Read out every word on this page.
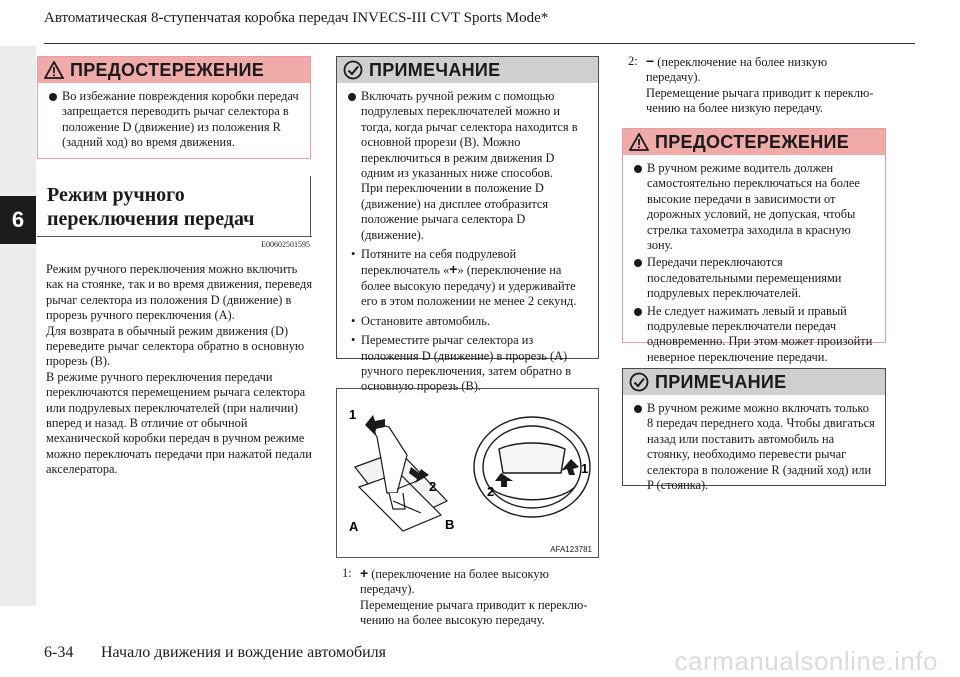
Автоматическая 8-ступенчатая коробка передач INVECS-III CVT Sports Mode*
6
ПРЕДОСТЕРЕЖЕНИЕ
Во избежание повреждения коробки передач запрещается переводить рычаг селектора в положение D (движение) из положения R (задний ход) во время движения.
Режим ручного
переключения передач
E00602501595
Режим ручного переключения можно включить как на стоянке, так и во время движения, переведя рычаг селектора из положения D (движение) в прорезь ручного переключения (A).
Для возврата в обычный режим движения (D) переведите рычаг селектора обратно в основную прорезь (B).
В режиме ручного переключения передачи переключаются перемещением рычага селектора или подрулевых переключателей (при наличии) вперед и назад. В отличие от обычной механической коробки передач в ручном режиме можно переключать передачи при нажатой педали акселератора.
ПРИМЕЧАНИЕ
Включать ручной режим с помощью подрулевых переключателей можно и тогда, когда рычаг селектора находится в основной прорези (B). Можно переключиться в режим движения D одним из указанных ниже способов.
При переключении в положение D (движение) на дисплее отобразится положение рычага селектора D (движение).
• Потяните на себя подрулевой переключатель «+» (переключение на более высокую передачу) и удерживайте его в этом положении не менее 2 секунд.
• Остановите автомобиль.
• Переместите рычаг селектора из положения D (движение) в прорезь (A) ручного переключения, затем обратно в основную прорезь (B).
1
2
A	B
1
2
AFA123781
1: + (переключение на более высокую
передачу).
Перемещение рычага приводит к переклю-
чению на более высокую передачу.
2: − (переключение на более низкую
передачу).
Перемещение рычага приводит к переклю-
чению на более низкую передачу.
ПРЕДОСТЕРЕЖЕНИЕ
В ручном режиме водитель должен самостоятельно переключаться на более высокие передачи в зависимости от дорожных условий, не допуская, чтобы стрелка тахометра заходила в красную зону.
Передачи переключаются последовательными перемещениями подрулевых переключателей.
Не следует нажимать левый и правый подрулевые переключатели передач одновременно. При этом может произойти неверное переключение передачи.
ПРИМЕЧАНИЕ
В ручном режиме можно включать только 8 передач переднего хода. Чтобы двигаться назад или поставить автомобиль на стоянку, необходимо перевести рычаг селектора в положение R (задний ход) или P (стоянка).
6-34 Начало движения и вождение автомобиля	carmanualsonline.info
